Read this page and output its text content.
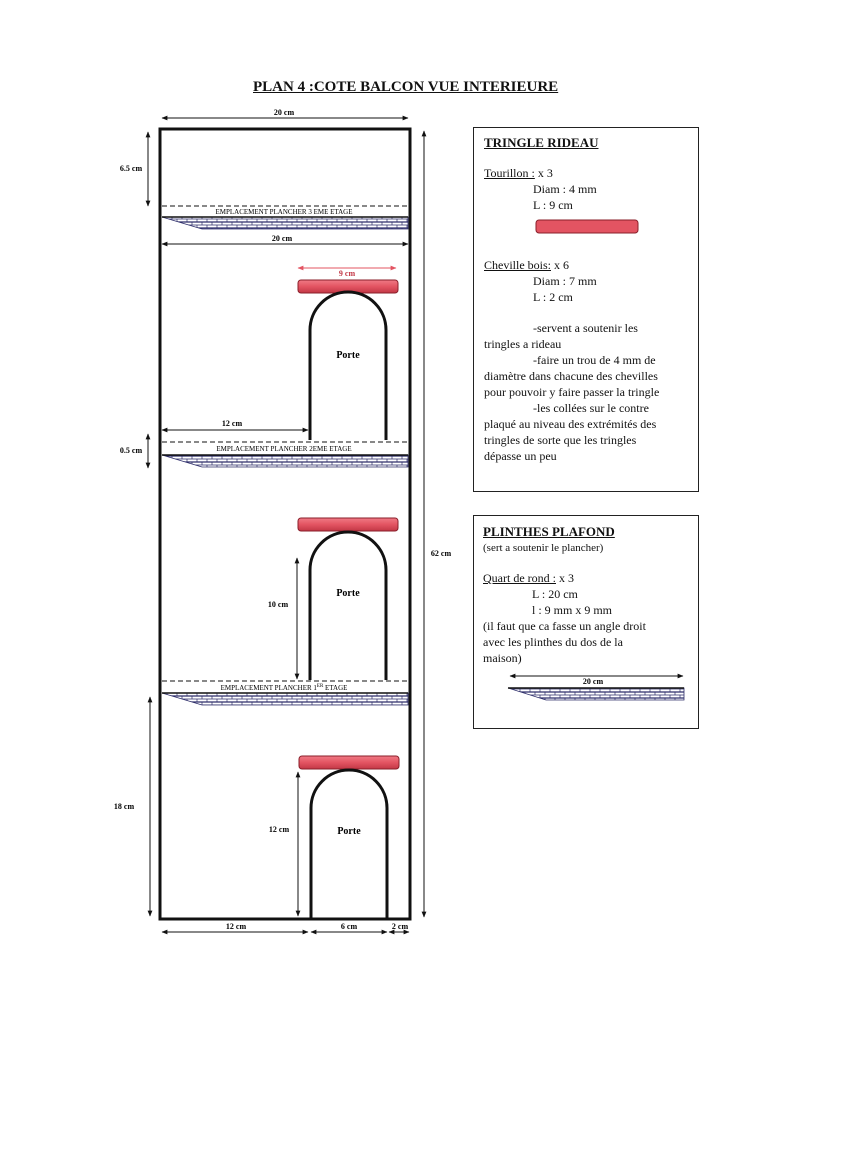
PLAN 4 :COTE BALCON VUE INTERIEURE
20 cm
6.5 cm
EMPLACEMENT PLANCHER 3 EME ETAGE
20 cm
EMPLACEMENT PLANCHER 2EME ETAGE
EMPLACEMENT PLANCHER 1ER ETAGE
0.5 cm
62 cm
9 cm
Porte
12 cm
Porte
10 cm
Porte
12 cm
18 cm
12 cm	6 cm	2 cm
TRINGLE RIDEAU

Tourillon : x 3

Diam : 4 mm

L : 9 cm

Cheville bois: x 6

Diam : 7 mm

L : 2 cm

-servent a soutenir les

tringles a rideau

-faire un trou de 4 mm de

diamètre dans chacune des chevilles

pour pouvoir y faire passer la tringle

-les collées sur le contre

plaqué au niveau des extrémités des

tringles de sorte que les tringles

dépasse un peu

PLINTHES PLAFOND

(sert a soutenir le plancher)

Quart de rond : x 3

L : 20 cm

l : 9 mm x 9 mm

(il faut que ca fasse un angle droit

avec les plinthes du dos de la

maison)

20 cm
